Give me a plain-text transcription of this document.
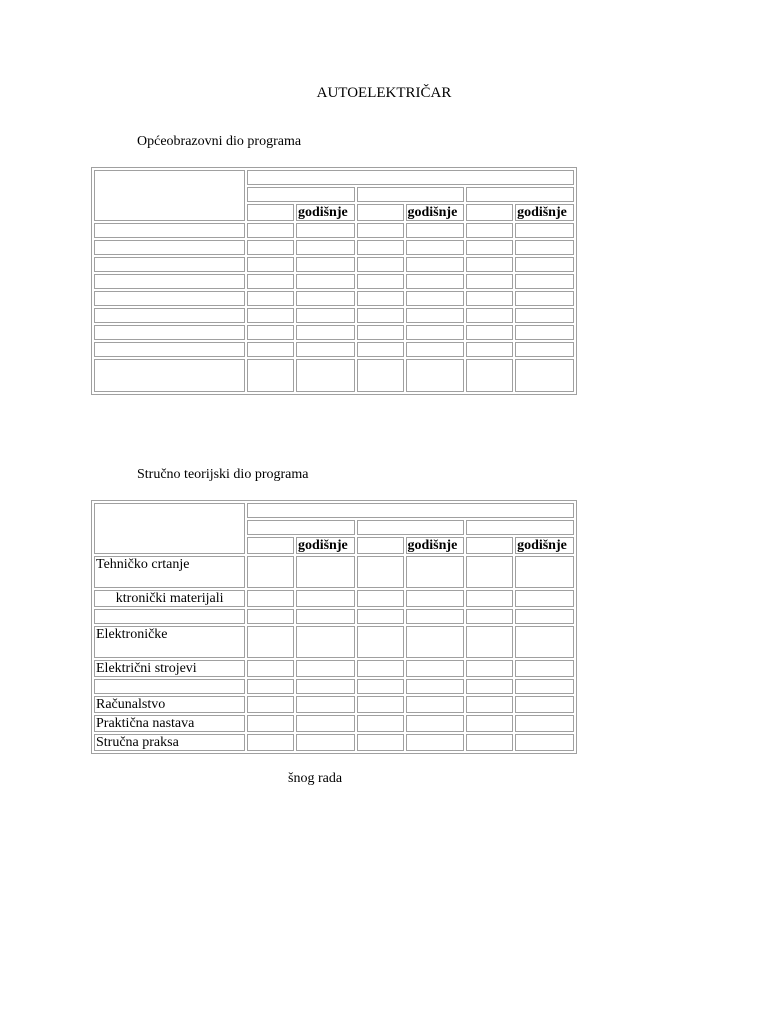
AUTOELEKTRIČAR
Općeobrazovni dio programa

		godišnje		godišnje		godišnje

Stručno teorijski dio programa

		godišnje		godišnje		godišnje
Tehničko crtanje						
ktronički materijali						

Elektroničke						
Električni strojevi						

Računalstvo						
Praktična nastava						
Stručna praksa						
šnog rada
